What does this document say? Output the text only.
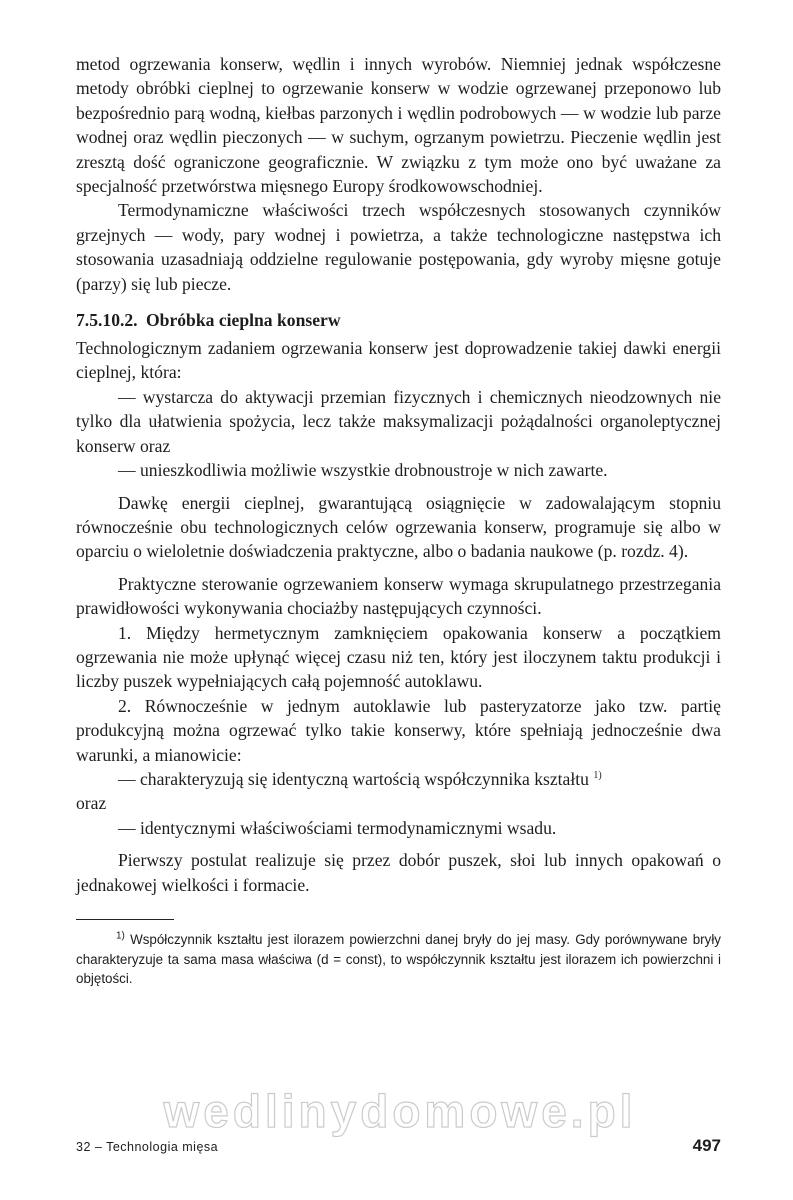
metod ogrzewania konserw, wędlin i innych wyrobów. Niemniej jednak współczesne metody obróbki cieplnej to ogrzewanie konserw w wodzie ogrzewanej przeponowo lub bezpośrednio parą wodną, kiełbas parzonych i wędlin podrobowych — w wodzie lub parze wodnej oraz wędlin pieczonych — w suchym, ogrzanym powietrzu. Pieczenie wędlin jest zresztą dość ograniczone geograficznie. W związku z tym może ono być uważane za specjalność przetwórstwa mięsnego Europy środkowowschodniej.

Termodynamiczne właściwości trzech współczesnych stosowanych czynników grzejnych — wody, pary wodnej i powietrza, a także technologiczne następstwa ich stosowania uzasadniają oddzielne regulowanie postępowania, gdy wyroby mięsne gotuje (parzy) się lub piecze.

7.5.10.2. Obróbka cieplna konserw

Technologicznym zadaniem ogrzewania konserw jest doprowadzenie takiej dawki energii cieplnej, która:

— wystarcza do aktywacji przemian fizycznych i chemicznych nieodzownych nie tylko dla ułatwienia spożycia, lecz także maksymalizacji pożądalności organoleptycznej konserw oraz

— unieszkodliwia możliwie wszystkie drobnoustroje w nich zawarte.

Dawkę energii cieplnej, gwarantującą osiągnięcie w zadowalającym stopniu równocześnie obu technologicznych celów ogrzewania konserw, programuje się albo w oparciu o wieloletnie doświadczenia praktyczne, albo o badania naukowe (p. rozdz. 4).

Praktyczne sterowanie ogrzewaniem konserw wymaga skrupulatnego przestrzegania prawidłowości wykonywania chociażby następujących czynności.

1. Między hermetycznym zamknięciem opakowania konserw a początkiem ogrzewania nie może upłynąć więcej czasu niż ten, który jest iloczynem taktu produkcji i liczby puszek wypełniających całą pojemność autoklawu.

2. Równocześnie w jednym autoklawie lub pasteryzatorze jako tzw. partię produkcyjną można ogrzewać tylko takie konserwy, które spełniają jednocześnie dwa warunki, a mianowicie:

— charakteryzują się identyczną wartością współczynnika kształtu $^{1)}$
oraz

— identycznymi właściwościami termodynamicznymi wsadu.

Pierwszy postulat realizuje się przez dobór puszek, słoi lub innych opakowań o jednakowej wielkości i formacie.

$^{1)}$ Współczynnik kształtu jest ilorazem powierzchni danej bryły do jej masy. Gdy porównywane bryły charakteryzuje ta sama masa właściwa (d = const), to współczynnik kształtu jest ilorazem ich powierzchni i objętości.

wedlinydomowe.pl
32 – Technologia mięsa	497
